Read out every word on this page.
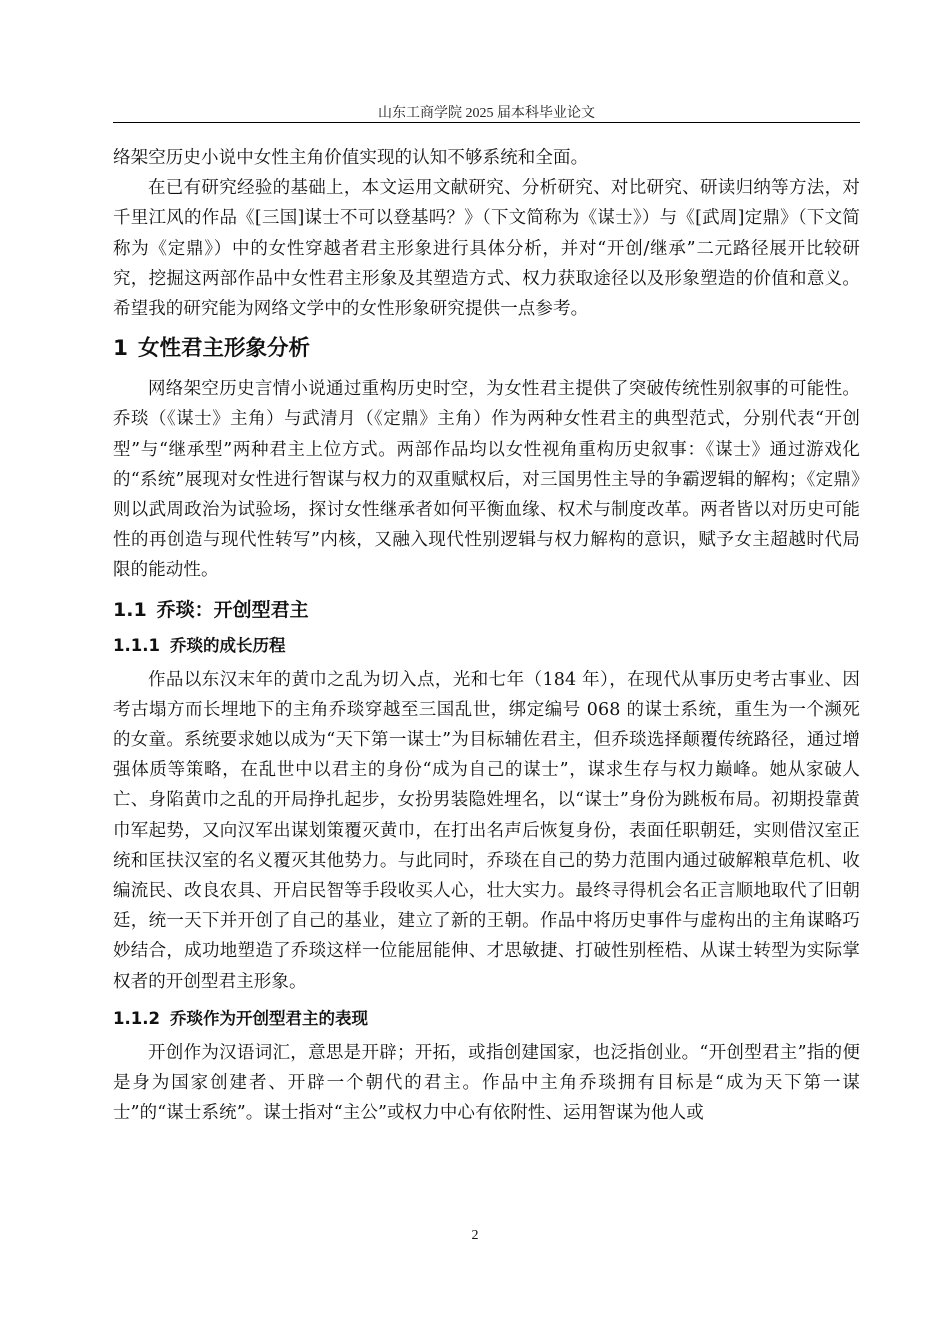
山东工商学院 2025 届本科毕业论文

络架空历史小说中女性主角价值实现的认知不够系统和全面。

在已有研究经验的基础上，本文运用文献研究、分析研究、对比研究、研读归纳等方法，对千里江风的作品《[三国]谋士不可以登基吗？》（下文简称为《谋士》）与《[武周]定鼎》（下文简称为《定鼎》）中的女性穿越者君主形象进行具体分析，并对“开创/继承”二元路径展开比较研究，挖掘这两部作品中女性君主形象及其塑造方式、权力获取途径以及形象塑造的价值和意义。希望我的研究能为网络文学中的女性形象研究提供一点参考。

1 女性君主形象分析

网络架空历史言情小说通过重构历史时空，为女性君主提供了突破传统性别叙事的可能性。乔琰（《谋士》主角）与武清月（《定鼎》主角）作为两种女性君主的典型范式，分别代表“开创型”与“继承型”两种君主上位方式。两部作品均以女性视角重构历史叙事：《谋士》通过游戏化的“系统”展现对女性进行智谋与权力的双重赋权后，对三国男性主导的争霸逻辑的解构；《定鼎》则以武周政治为试验场，探讨女性继承者如何平衡血缘、权术与制度改革。两者皆以对历史可能性的再创造与现代性转写”内核，又融入现代性别逻辑与权力解构的意识，赋予女主超越时代局限的能动性。

1.1 乔琰：开创型君主
1.1.1 乔琰的成长历程

作品以东汉末年的黄巾之乱为切入点，光和七年（184 年），在现代从事历史考古事业、因考古塌方而长埋地下的主角乔琰穿越至三国乱世，绑定编号 068 的谋士系统，重生为一个濒死的女童。系统要求她以成为“天下第一谋士”为目标辅佐君主，但乔琰选择颠覆传统路径，通过增强体质等策略，在乱世中以君主的身份“成为自己的谋士”，谋求生存与权力巅峰。她从家破人亡、身陷黄巾之乱的开局挣扎起步，女扮男装隐姓埋名，以“谋士”身份为跳板布局。初期投靠黄巾军起势，又向汉军出谋划策覆灭黄巾，在打出名声后恢复身份，表面任职朝廷，实则借汉室正统和匡扶汉室的名义覆灭其他势力。与此同时，乔琰在自己的势力范围内通过破解粮草危机、收编流民、改良农具、开启民智等手段收买人心，壮大实力。最终寻得机会名正言顺地取代了旧朝廷，统一天下并开创了自己的基业，建立了新的王朝。作品中将历史事件与虚构出的主角谋略巧妙结合，成功地塑造了乔琰这样一位能屈能伸、才思敏捷、打破性别桎梏、从谋士转型为实际掌权者的开创型君主形象。

1.1.2 乔琰作为开创型君主的表现

开创作为汉语词汇，意思是开辟；开拓，或指创建国家，也泛指创业。“开创型君主”指的便是身为国家创建者、开辟一个朝代的君主。作品中主角乔琰拥有目标是“成为天下第一谋士”的“谋士系统”。谋士指对“主公”或权力中心有依附性、运用智谋为他人或

2
